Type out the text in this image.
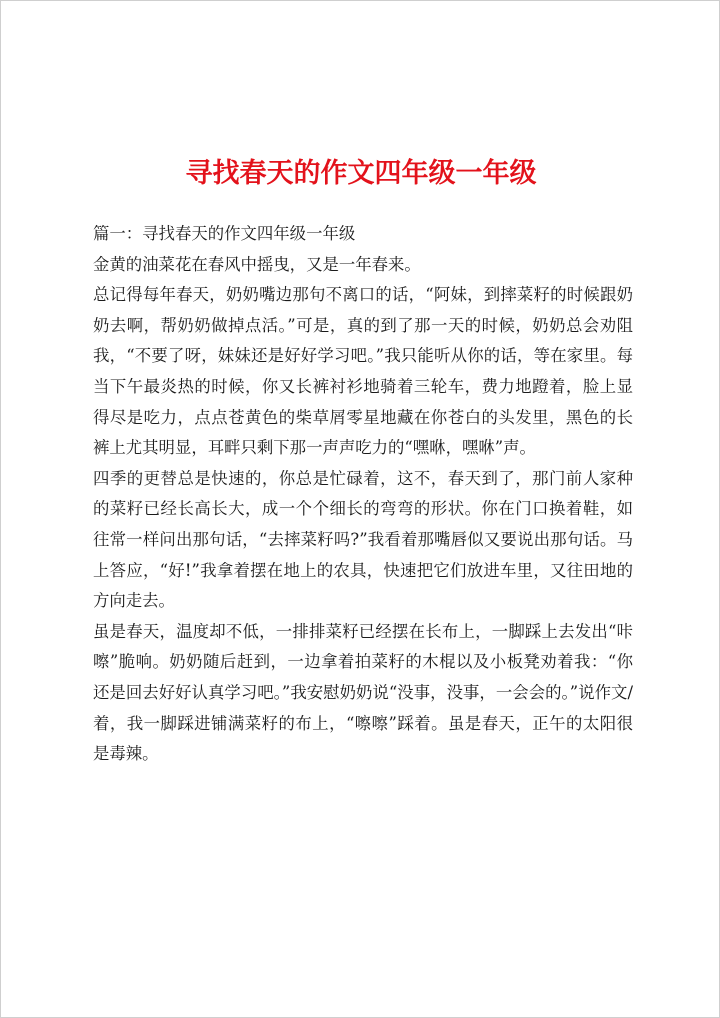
寻找春天的作文四年级一年级

篇一：寻找春天的作文四年级一年级

金黄的油菜花在春风中摇曳，又是一年春来。

总记得每年春天，奶奶嘴边那句不离口的话，“阿妹，到摔菜籽的时候跟奶奶去啊，帮奶奶做掉点活。”可是，真的到了那一天的时候，奶奶总会劝阻我，“不要了呀，妹妹还是好好学习吧。”我只能听从你的话，等在家里。每当下午最炎热的时候，你又长裤衬衫地骑着三轮车，费力地蹬着，脸上显得尽是吃力，点点苍黄色的柴草屑零星地藏在你苍白的头发里，黑色的长裤上尤其明显，耳畔只剩下那一声声吃力的“嘿咻，嘿咻”声。

四季的更替总是快速的，你总是忙碌着，这不，春天到了，那门前人家种的菜籽已经长高长大，成一个个细长的弯弯的形状。你在门口换着鞋，如往常一样问出那句话，“去摔菜籽吗?”我看着那嘴唇似又要说出那句话。马上答应，“好!”我拿着摆在地上的农具，快速把它们放进车里，又往田地的方向走去。

虽是春天，温度却不低，一排排菜籽已经摆在长布上，一脚踩上去发出“咔嚓”脆响。奶奶随后赶到，一边拿着拍菜籽的木棍以及小板凳劝着我：“你还是回去好好认真学习吧。”我安慰奶奶说“没事，没事，一会会的。”说作文/着，我一脚踩进铺满菜籽的布上，“嚓嚓”踩着。虽是春天，正午的太阳很是毒辣。
